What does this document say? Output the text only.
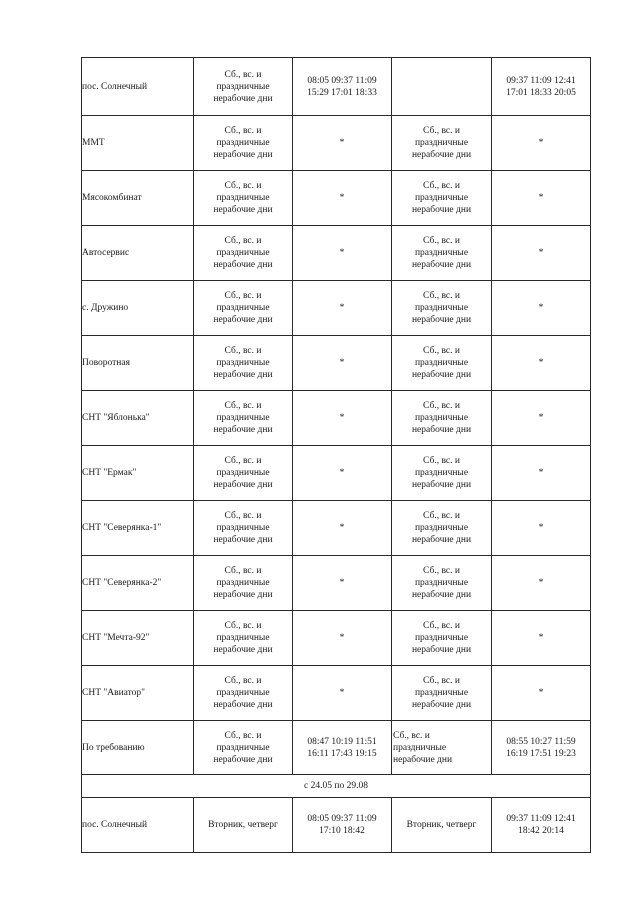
пос. Солнечный	Сб., вс. и
праздничные
нерабочие дни	08:05 09:37 11:09
15:29 17:01 18:33		09:37 11:09 12:41
17:01 18:33 20:05

ММТ	Сб., вс. и
праздничные
нерабочие дни	*	Сб., вс. и
праздничные
нерабочие дни	*

Мясокомбинат	Сб., вс. и
праздничные
нерабочие дни	*	Сб., вс. и
праздничные
нерабочие дни	*

Автосервис	Сб., вс. и
праздничные
нерабочие дни	*	Сб., вс. и
праздничные
нерабочие дни	*

с. Дружино	Сб., вс. и
праздничные
нерабочие дни	*	Сб., вс. и
праздничные
нерабочие дни	*

Поворотная	Сб., вс. и
праздничные
нерабочие дни	*	Сб., вс. и
праздничные
нерабочие дни	*

СНТ "Яблонька"	Сб., вс. и
праздничные
нерабочие дни	*	Сб., вс. и
праздничные
нерабочие дни	*

СНТ "Ермак"	Сб., вс. и
праздничные
нерабочие дни	*	Сб., вс. и
праздничные
нерабочие дни	*

СНТ "Северянка-1"	Сб., вс. и
праздничные
нерабочие дни	*	Сб., вс. и
праздничные
нерабочие дни	*

СНТ "Северянка-2"	Сб., вс. и
праздничные
нерабочие дни	*	Сб., вс. и
праздничные
нерабочие дни	*

СНТ "Мечта-92"	Сб., вс. и
праздничные
нерабочие дни	*	Сб., вс. и
праздничные
нерабочие дни	*

СНТ "Авиатор"	Сб., вс. и
праздничные
нерабочие дни	*	Сб., вс. и
праздничные
нерабочие дни	*

По требованию	Сб., вс. и
праздничные
нерабочие дни	08:47 10:19 11:51
16:11 17:43 19:15	Сб., вс. и
праздничные
нерабочие дни	08:55 10:27 11:59
16:19 17:51 19:23

с 24.05 по 29.08				
пос. Солнечный	Вторник, четверг	08:05 09:37 11:09
17:10 18:42	Вторник, четверг	09:37 11:09 12:41
18:42 20:14
